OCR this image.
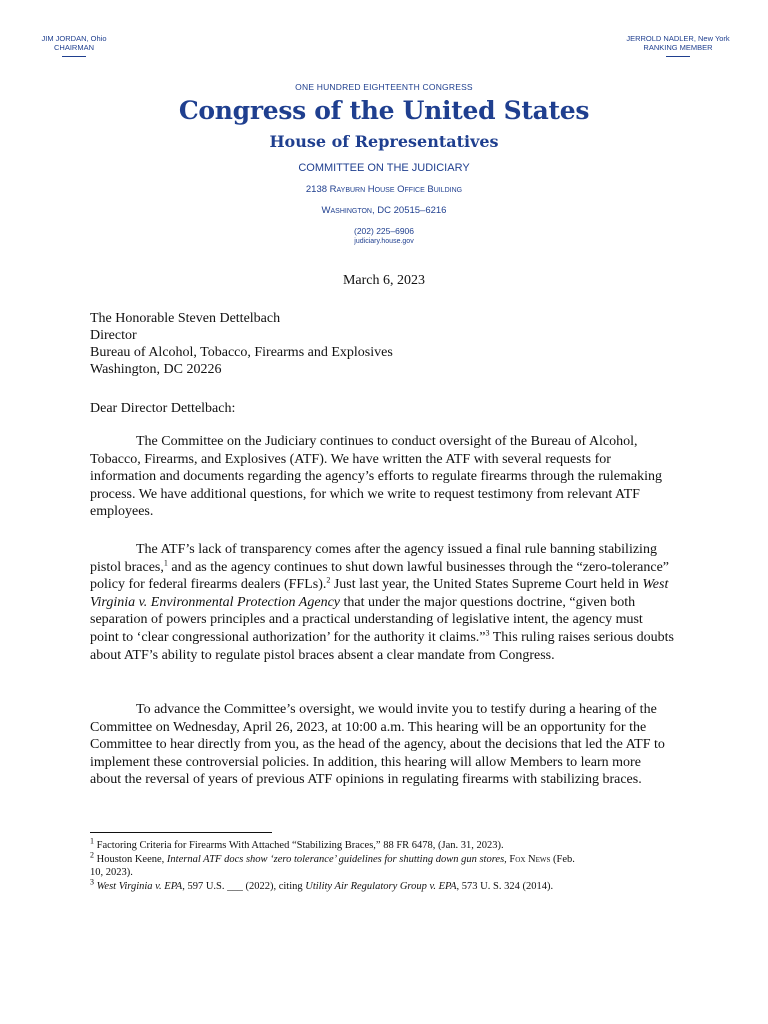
JIM JORDAN, Ohio
CHAIRMAN
JERROLD NADLER, New York
RANKING MEMBER
ONE HUNDRED EIGHTEENTH CONGRESS
Congress of the United States
House of Representatives
COMMITTEE ON THE JUDICIARY
2138 Rayburn House Office Building
Washington, DC 20515–6216
(202) 225–6906
judiciary.house.gov
March 6, 2023
The Honorable Steven Dettelbach
Director
Bureau of Alcohol, Tobacco, Firearms and Explosives
Washington, DC 20226
Dear Director Dettelbach:

The Committee on the Judiciary continues to conduct oversight of the Bureau of Alcohol, Tobacco, Firearms, and Explosives (ATF). We have written the ATF with several requests for information and documents regarding the agency’s efforts to regulate firearms through the rulemaking process. We have additional questions, for which we write to request testimony from relevant ATF employees.

The ATF’s lack of transparency comes after the agency issued a final rule banning stabilizing pistol braces,$^1$ and as the agency continues to shut down lawful businesses through the “zero-tolerance” policy for federal firearms dealers (FFLs).$^2$ Just last year, the United States Supreme Court held in West Virginia v. Environmental Protection Agency that under the major questions doctrine, “given both separation of powers principles and a practical understanding of legislative intent, the agency must point to ‘clear congressional authorization’ for the authority it claims.”$^3$ This ruling raises serious doubts about ATF’s ability to regulate pistol braces absent a clear mandate from Congress.

To advance the Committee’s oversight, we would invite you to testify during a hearing of the Committee on Wednesday, April 26, 2023, at 10:00 a.m. This hearing will be an opportunity for the Committee to hear directly from you, as the head of the agency, about the decisions that led the ATF to implement these controversial policies. In addition, this hearing will allow Members to learn more about the reversal of years of previous ATF opinions in regulating firearms with stabilizing braces.

$^1$ Factoring Criteria for Firearms With Attached “Stabilizing Braces,” 88 FR 6478, (Jan. 31, 2023).
$^2$ Houston Keene, Internal ATF docs show ‘zero tolerance’ guidelines for shutting down gun stores, Fox News (Feb.
10, 2023).
$^3$ West Virginia v. EPA, 597 U.S. ___ (2022), citing Utility Air Regulatory Group v. EPA, 573 U. S. 324 (2014).
